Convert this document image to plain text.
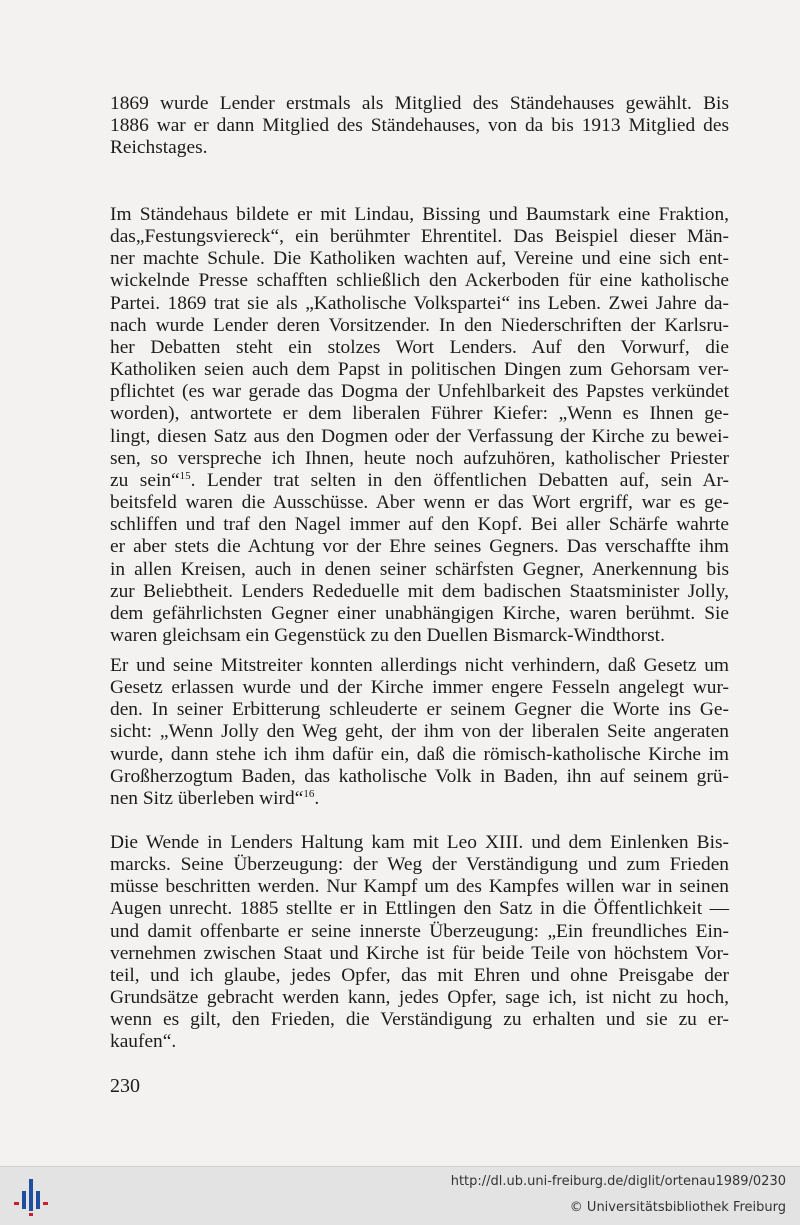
1869 wurde Lender erstmals als Mitglied des Ständehauses gewählt. Bis
1886 war er dann Mitglied des Ständehauses, von da bis 1913 Mitglied des
Reichstages.
Im Ständehaus bildete er mit Lindau, Bissing und Baumstark eine Fraktion,
das„Festungsviereck“, ein berühmter Ehrentitel. Das Beispiel dieser Män-
ner machte Schule. Die Katholiken wachten auf, Vereine und eine sich ent-
wickelnde Presse schafften schließlich den Ackerboden für eine katholische
Partei. 1869 trat sie als „Katholische Volkspartei“ ins Leben. Zwei Jahre da-
nach wurde Lender deren Vorsitzender. In den Niederschriften der Karlsru-
her Debatten steht ein stolzes Wort Lenders. Auf den Vorwurf, die
Katholiken seien auch dem Papst in politischen Dingen zum Gehorsam ver-
pflichtet (es war gerade das Dogma der Unfehlbarkeit des Papstes verkündet
worden), antwortete er dem liberalen Führer Kiefer: „Wenn es Ihnen ge-
lingt, diesen Satz aus den Dogmen oder der Verfassung der Kirche zu bewei-
sen, so verspreche ich Ihnen, heute noch aufzuhören, katholischer Priester
zu sein“$^{15}$. Lender trat selten in den öffentlichen Debatten auf, sein Ar-
beitsfeld waren die Ausschüsse. Aber wenn er das Wort ergriff, war es ge-
schliffen und traf den Nagel immer auf den Kopf. Bei aller Schärfe wahrte
er aber stets die Achtung vor der Ehre seines Gegners. Das verschaffte ihm
in allen Kreisen, auch in denen seiner schärfsten Gegner, Anerkennung bis
zur Beliebtheit. Lenders Rededuelle mit dem badischen Staatsminister Jolly,
dem gefährlichsten Gegner einer unabhängigen Kirche, waren berühmt. Sie
waren gleichsam ein Gegenstück zu den Duellen Bismarck-Windthorst.
Er und seine Mitstreiter konnten allerdings nicht verhindern, daß Gesetz um
Gesetz erlassen wurde und der Kirche immer engere Fesseln angelegt wur-
den. In seiner Erbitterung schleuderte er seinem Gegner die Worte ins Ge-
sicht: „Wenn Jolly den Weg geht, der ihm von der liberalen Seite angeraten
wurde, dann stehe ich ihm dafür ein, daß die römisch-katholische Kirche im
Großherzogtum Baden, das katholische Volk in Baden, ihn auf seinem grü-
nen Sitz überleben wird“$^{16}$.
Die Wende in Lenders Haltung kam mit Leo XIII. und dem Einlenken Bis-
marcks. Seine Überzeugung: der Weg der Verständigung und zum Frieden
müsse beschritten werden. Nur Kampf um des Kampfes willen war in seinen
Augen unrecht. 1885 stellte er in Ettlingen den Satz in die Öffentlichkeit —
und damit offenbarte er seine innerste Überzeugung: „Ein freundliches Ein-
vernehmen zwischen Staat und Kirche ist für beide Teile von höchstem Vor-
teil, und ich glaube, jedes Opfer, das mit Ehren und ohne Preisgabe der
Grundsätze gebracht werden kann, jedes Opfer, sage ich, ist nicht zu hoch,
wenn es gilt, den Frieden, die Verständigung zu erhalten und sie zu er-
kaufen“.
230
http://dl.ub.uni-freiburg.de/diglit/ortenau1989/0230
© Universitätsbibliothek Freiburg
